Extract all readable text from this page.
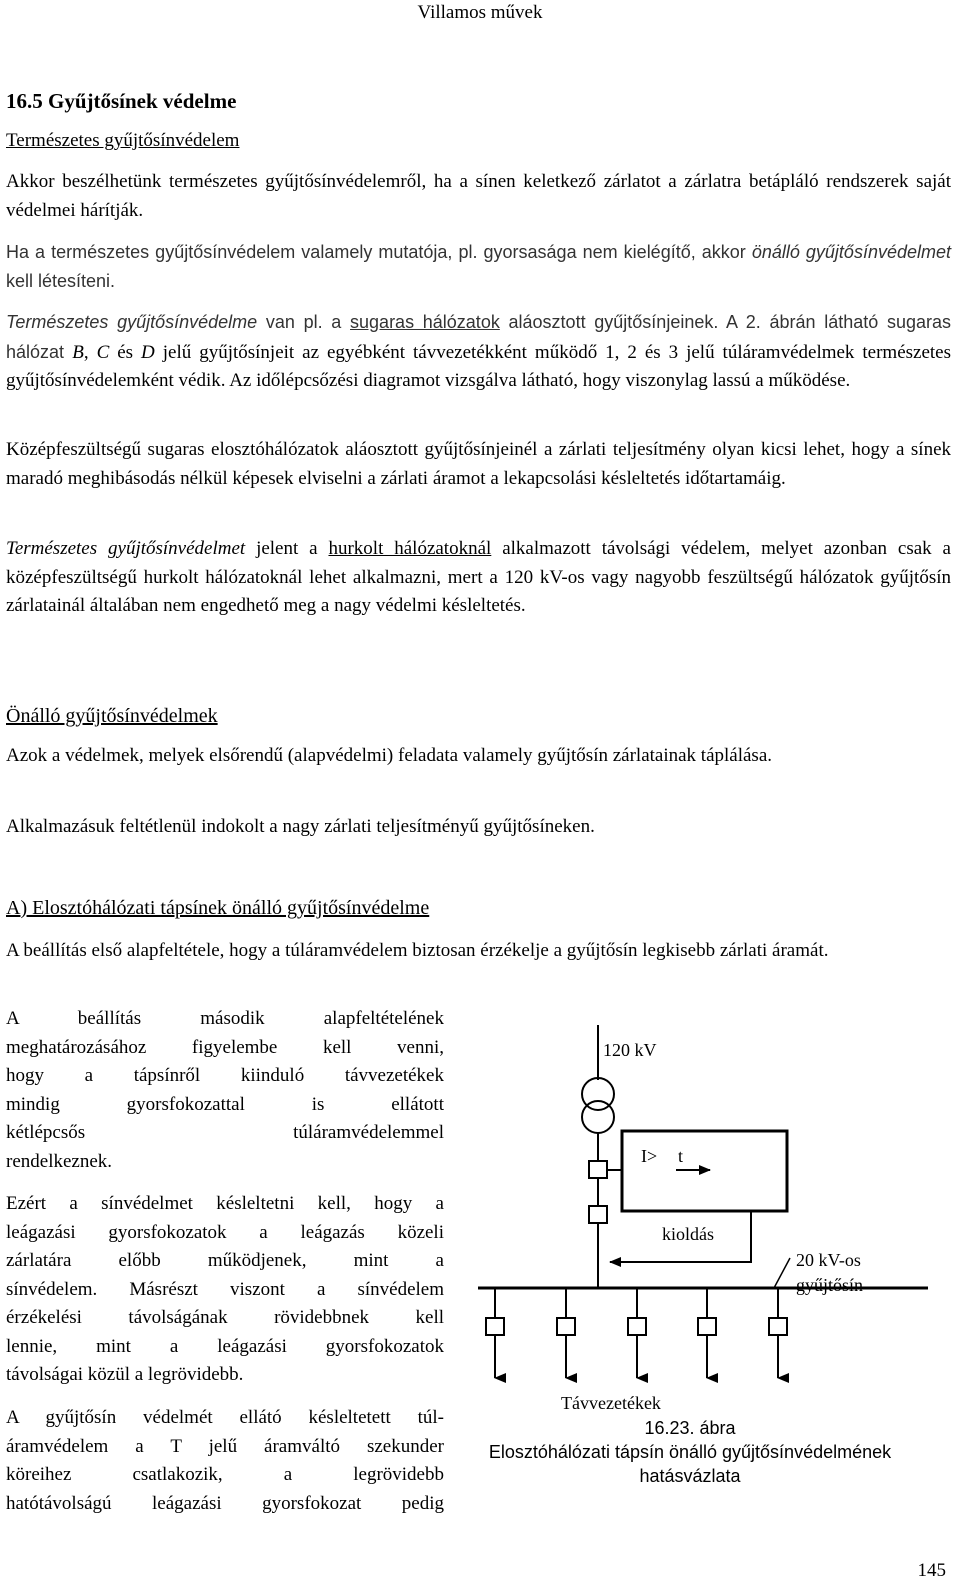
Villamos művek
16.5 Gyűjtősínek védelme
Természetes gyűjtősínvédelem

Akkor beszélhetünk természetes gyűjtősínvédelemről, ha a sínen keletkező zárlatot a zárlatra betápláló rendszerek saját védelmei hárítják.

Ha a természetes gyűjtősínvédelem valamely mutatója, pl. gyorsasága nem kielégítő, akkor önálló gyűjtősínvédelmet kell létesíteni.

Természetes gyűjtősínvédelme van pl. a sugaras hálózatok aláosztott gyűjtősínjeinek. A 2. ábrán látható sugaras hálózat B, C és D jelű gyűjtősínjeit az egyébként távvezetékként működő 1, 2 és 3 jelű túláramvédelmek természetes gyűjtősínvédelemként védik. Az időlépcsőzési diagramot vizsgálva látható, hogy viszonylag lassú a működése.

Középfeszültségű sugaras elosztóhálózatok aláosztott gyűjtősínjeinél a zárlati teljesítmény olyan kicsi lehet, hogy a sínek maradó meghibásodás nélkül képesek elviselni a zárlati áramot a lekapcsolási késleltetés időtartamáig.

Természetes gyűjtősínvédelmet jelent a hurkolt hálózatoknál alkalmazott távolsági védelem, melyet azonban csak a középfeszültségű hurkolt hálózatoknál lehet alkalmazni, mert a 120 kV-os vagy nagyobb feszültségű hálózatok gyűjtősín zárlatainál általában nem engedhető meg a nagy védelmi késleltetés.

Önálló gyűjtősínvédelmek

Azok a védelmek, melyek elsőrendű (alapvédelmi) feladata valamely gyűjtősín zárlatainak táplálása.

Alkalmazásuk feltétlenül indokolt a nagy zárlati teljesítményű gyűjtősíneken.

A) Elosztóhálózati tápsínek önálló gyűjtősínvédelme

A beállítás első alapfeltétele, hogy a túláramvédelem biztosan érzékelje a gyűjtősín legkisebb zárlati áramát.

A beállítás második alapfeltételének
meghatározásához figyelembe kell venni,
hogy a tápsínről kiinduló távvezetékek
mindig gyorsfokozattal is ellátott
kétlépcsős túláramvédelemmel
rendelkeznek.
Ezért a sínvédelmet késleltetni kell, hogy a
leágazási gyorsfokozatok a leágazás közeli
zárlatára előbb működjenek, mint a
sínvédelem. Másrészt viszont a sínvédelem
érzékelési távolságának rövidebbnek kell
lennie, mint a leágazási gyorsfokozatok
távolságai közül a legrövidebb.
A gyűjtősín védelmét ellátó késleltetett túl-
áramvédelem a T jelű áramváltó szekunder
köreihez csatlakozik, a legrövidebb
hatótávolságú leágazási gyorsfokozat pedig
120 kV
I> t
kioldás
20 kV-os
gyűjtősín
Távvezetékek
16.23. ábra
Elosztóhálózati tápsín önálló gyűjtősínvédelmének
hatásvázlata
145
